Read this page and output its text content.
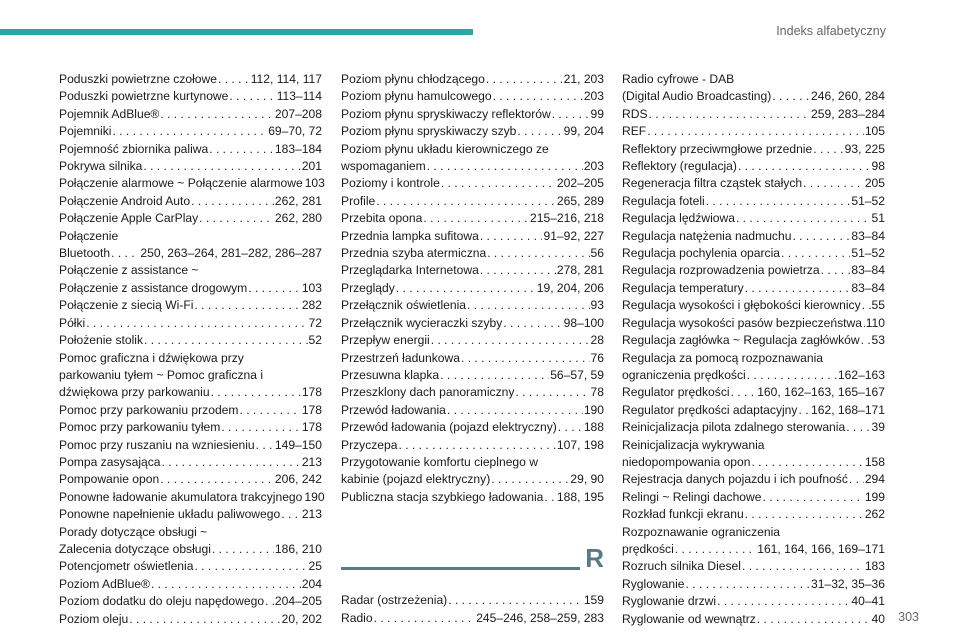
Indeks alfabetyczny
Poduszki powietrzne czołowe . . .	112, 114, 117
Poduszki powietrzne kurtynowe . . .	113–114
Pojemnik AdBlue® . . .	207–208
Pojemniki . . .	69–70, 72
Pojemność zbiornika paliwa . . .	183–184
Pokrywa silnika . . .	201
Połączenie alarmowe ~ Połączenie alarmowe 103
Połączenie Android Auto . . .	262, 281
Połączenie Apple CarPlay . . .	262, 280
Połączenie
Bluetooth . . .	250, 263–264, 281–282, 286–287
Połączenie z assistance ~
Połączenie z assistance drogowym . . .	103
Połączenie z siecią Wi-Fi . . .	282
Półki . . .	72
Położenie stolik . . .	52
Pomoc graficzna i dźwiękowa przy
parkowaniu tyłem ~ Pomoc graficzna i
dźwiękowa przy parkowaniu . . .	178
Pomoc przy parkowaniu przodem . . .	178
Pomoc przy parkowaniu tyłem . . .	178
Pomoc przy ruszaniu na wzniesieniu . . . 149–150
Pompa zasysająca . . .	213
Pompowanie opon . . .	206, 242
Ponowne ładowanie akumulatora trakcyjnego 190
Ponowne napełnienie układu paliwowego . . . 213
Porady dotyczące obsługi ~
Zalecenia dotyczące obsługi . . .	186, 210
Potencjometr oświetlenia . . .	25
Poziom AdBlue® . . .	204
Poziom dodatku do oleju napędowego . . . 204–205
Poziom oleju . . .	20, 202
Poziom płynu chłodzącego . . .	21, 203
Poziom płynu hamulcowego . . .	203
Poziom płynu spryskiwaczy reflektorów . . .	99
Poziom płynu spryskiwaczy szyb . . .	99, 204
Poziom płynu układu kierowniczego ze
wspomaganiem . . .	203
Poziomy i kontrole . . .	202–205
Profile . . .	265, 289
Przebita opona . . .	215–216, 218
Przednia lampka sufitowa . . .	91–92, 227
Przednia szyba atermiczna . . .	56
Przeglądarka Internetowa . . .	278, 281
Przeglądy . . .	19, 204, 206
Przełącznik oświetlenia . . .	93
Przełącznik wycieraczki szyby . . .	98–100
Przepływ energii . . .	28
Przestrzeń ładunkowa . . .	76
Przesuwna klapka . . .	56–57, 59
Przeszklony dach panoramiczny . . .	78
Przewód ładowania . . .	190
Przewód ładowania (pojazd elektryczny) . . . 188
Przyczepa . . .	107, 198
Przygotowanie komfortu cieplnego w
kabinie (pojazd elektryczny) . . .	29, 90
Publiczna stacja szybkiego ładowania . . . 188, 195
R
Radar (ostrzeżenia) . . .	159
Radio . . .	245–246, 258–259, 283
Radio cyfrowe - DAB
(Digital Audio Broadcasting) . . .	246, 260, 284
RDS . . .	259, 283–284
REF . . .	105
Reflektory przeciwmgłowe przednie . . .	93, 225
Reflektory (regulacja) . . .	98
Regeneracja filtra cząstek stałych . . .	205
Regulacja foteli . . .	51–52
Regulacja lędźwiowa . . .	51
Regulacja natężenia nadmuchu . . .	83–84
Regulacja pochylenia oparcia . . .	51–52
Regulacja rozprowadzenia powietrza . . .	83–84
Regulacja temperatury . . .	83–84
Regulacja wysokości i głębokości kierownicy . . . 55
Regulacja wysokości pasów bezpieczeństwa . . . 110
Regulacja zagłówka ~ Regulacja zagłówków . . . 53
Regulacja za pomocą rozpoznawania
ograniczenia prędkości . . .	162–163
Regulator prędkości . . . 160, 162–163, 165–167
Regulator prędkości adaptacyjny . . . 162, 168–171
Reinicjalizacja pilota zdalnego sterowania . . . 39
Reinicjalizacja wykrywania
niedopompowania opon . . .	158
Rejestracja danych pojazdu i ich poufność . . . 294
Relingi ~ Relingi dachowe . . .	199
Rozkład funkcji ekranu . . .	262
Rozpoznawanie ograniczenia
prędkości . . .	161, 164, 166, 169–171
Rozruch silnika Diesel . . .	183
Ryglowanie . . .	31–32, 35–36
Ryglowanie drzwi . . .	40–41
Ryglowanie od wewnątrz . . .	40 303
